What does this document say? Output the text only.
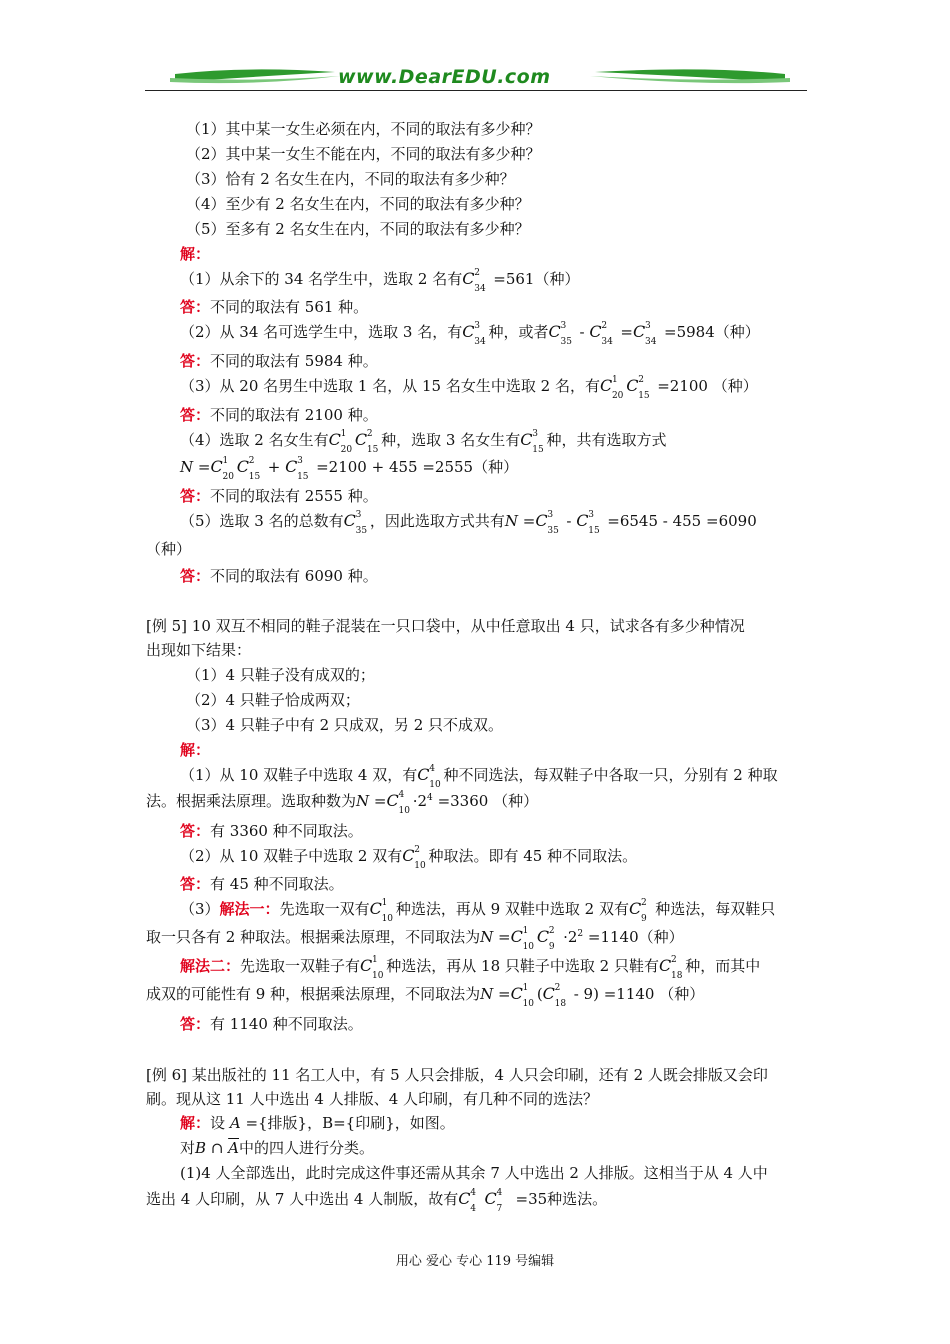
www.DearEDU.com
（1）其中某一女生必须在内，不同的取法有多少种？
（2）其中某一女生不能在内，不同的取法有多少种？
（3）恰有 2 名女生在内，不同的取法有多少种？
（4）至少有 2 名女生在内，不同的取法有多少种？
（5）至多有 2 名女生在内，不同的取法有多少种？
解：
（1）从余下的 34 名学生中，选取 2 名有C 2
34
=561（种）
答：不同的取法有 561 种。
（2）从 34 名可选学生中，选取 3 名，有C 3
34
种，或者C 3
35
- C 2
34
=C 3
34
=5984（种）
答：不同的取法有 5984 种。
（3）从 20 名男生中选取 1 名，从 15 名女生中选取 2 名，有C 1
20
C 2
15
=2100 （种）
答：不同的取法有 2100 种。
（4）选取 2 名女生有C 1
20
C 2
15
种，选取 3 名女生有C 3
15
种，共有选取方式
N =C 1
20
C 2
15
+ C 3
15
=2100 + 455 =2555（种）
答：不同的取法有 2555 种。
（5）选取 3 名的总数有C 3
35
，因此选取方式共有N =C 3
35
- C 3
15
=6545 - 455 =6090
（种）
答：不同的取法有 6090 种。
[例 5] 10 双互不相同的鞋子混装在一只口袋中，从中任意取出 4 只，试求各有多少种情况
出现如下结果：
（1）4 只鞋子没有成双的；
（2）4 只鞋子恰成两双；
（3）4 只鞋子中有 2 只成双，另 2 只不成双。
解：
（1）从 10 双鞋子中选取 4 双，有C 4
10
种不同选法，每双鞋子中各取一只，分别有 2 种取
法。根据乘法原理。选取种数为N =C 4
10
$\cdot 2^4 =3360$ （种）
答：有 3360 种不同取法。
（2）从 10 双鞋子中选取 2 双有C 2
10
种取法。即有 45 种不同取法。
答：有 45 种不同取法。
（3）解法一：先选取一双有C 1
10
种选法，再从 9 双鞋中选取 2 双有C 2
9
种选法，每双鞋只
取一只各有 2 种取法。根据乘法原理，不同取法为N =C 1
10
C 2
9
$\cdot 2^2 =1140$（种）
解法二：先选取一双鞋子有C 1
10
种选法，再从 18 只鞋子中选取 2 只鞋有C 2
18
种，而其中
成双的可能性有 9 种，根据乘法原理，不同取法为N =C 1
10
(C 2
18
- 9) =1140 （种）
答：有 1140 种不同取法。
[例 6] 某出版社的 11 名工人中，有 5 人只会排版，4 人只会印刷，还有 2 人既会排版又会印
刷。现从这 11 人中选出 4 人排版、4 人印刷，有几种不同的选法？
解：设 A ={排版}，B={印刷}，如图。
对B ∩ $\overline{A}$中的四人进行分类。
(1)4 人全部选出，此时完成这件事还需从其余 7 人中选出 2 人排版。这相当于从 4 人中
选出 4 人印刷，从 7 人中选出 4 人制版，故有C 4
4
C 4
7
=35种选法。
用心 爱心 专心 119 号编辑
